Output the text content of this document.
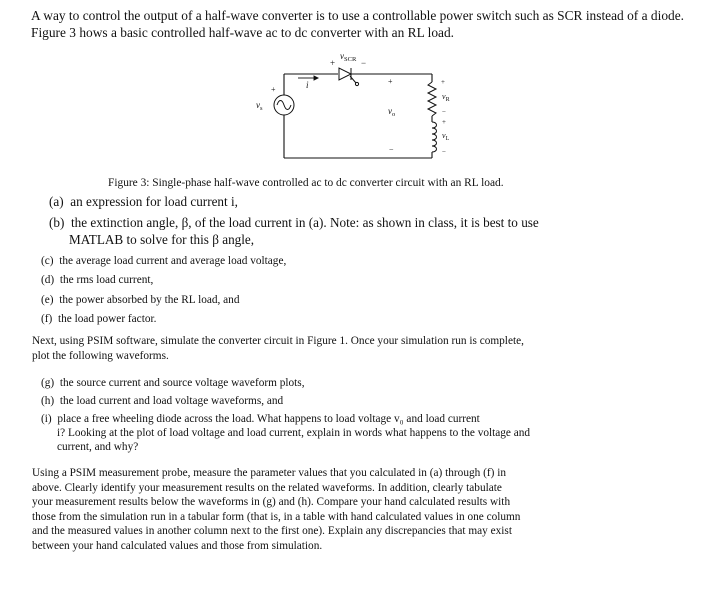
A way to control the output of a half-wave converter is to use a controllable power switch such as SCR instead of a diode. Figure 3 hows a basic controlled half-wave ac to dc converter with an RL load.
+	−
$v_{SCR}$
i
+
$v_s$
+
$v_o$
−
+
$v_R$
−
+
$v_L$
−
Figure 3: Single-phase half-wave controlled ac to dc converter circuit with an RL load.
(a) an expression for load current i,
(b) the extinction angle, β, of the load current in (a). Note: as shown in class, it is best to use
MATLAB to solve for this β angle,
(c) the average load current and average load voltage,
(d) the rms load current,
(e) the power absorbed by the RL load, and
(f) the load power factor.
Next, using PSIM software, simulate the converter circuit in Figure 1. Once your simulation run is complete, plot the following waveforms.
(g) the source current and source voltage waveform plots,
(h) the load current and load voltage waveforms, and
(i) place a free wheeling diode across the load. What happens to load voltage v₀ and load current
i? Looking at the plot of load voltage and load current, explain in words what happens to the voltage and current, and why?
Using a PSIM measurement probe, measure the parameter values that you calculated in (a) through (f) in above. Clearly identify your measurement results on the related waveforms. In addition, clearly tabulate your measurement results below the waveforms in (g) and (h). Compare your hand calculated results with those from the simulation run in a tabular form (that is, in a table with hand calculated values in one column and the measured values in another column next to the first one). Explain any discrepancies that may exist between your hand calculated values and those from simulation.
